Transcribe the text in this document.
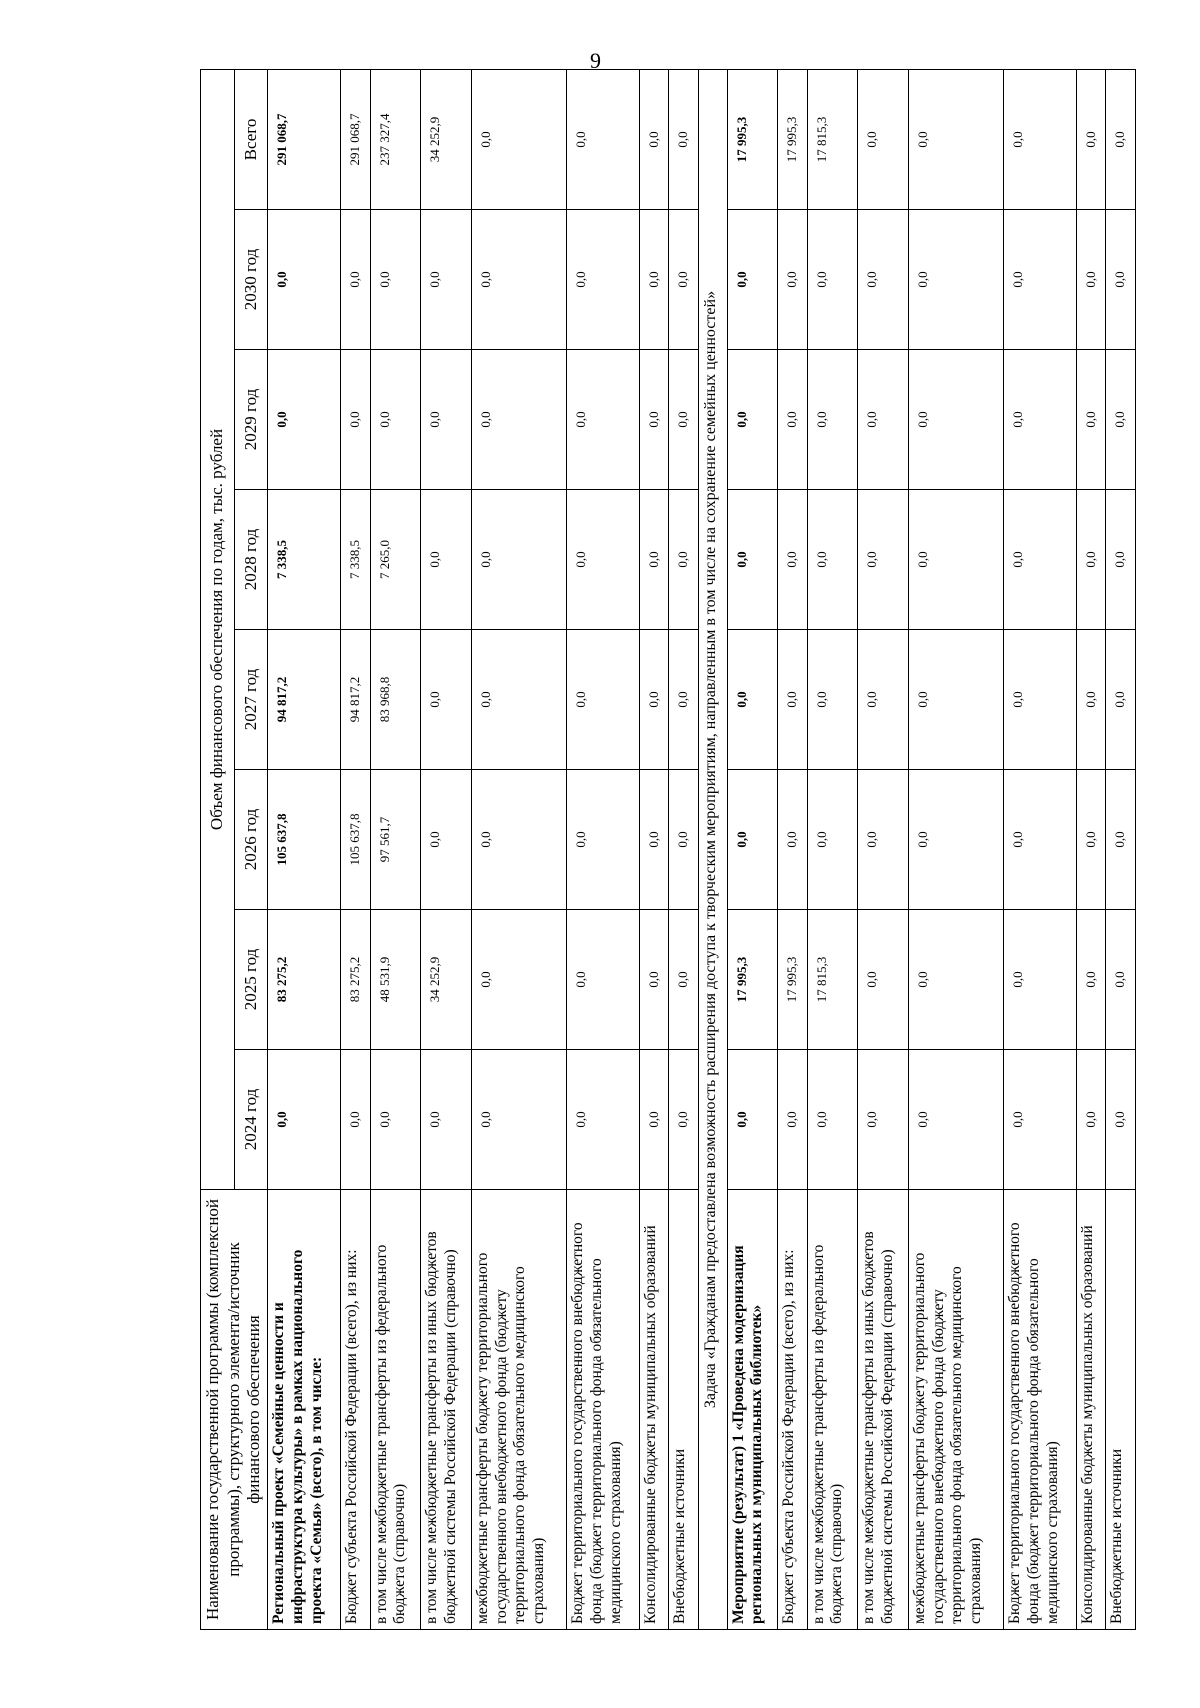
9
Наименование государственной программы (комплексной программы), структурного элемента/источник финансового обеспечения	Объем финансового обеспечения по годам, тыс. рублей							
	2024 год	2025 год	2026 год	2027 год	2028 год	2029 год	2030 год	Всего
Региональный проект «Семейные ценности и инфраструктура культуры» в рамках национального проекта «Семья» (всего), в том числе:	0,0	83 275,2	105 637,8	94 817,2	7 338,5	0,0	0,0	291 068,7
Бюджет субъекта Российской Федерации (всего), из них:	0,0	83 275,2	105 637,8	94 817,2	7 338,5	0,0	0,0	291 068,7
в том числе межбюджетные трансферты из федерального бюджета (справочно)	0,0	48 531,9	97 561,7	83 968,8	7 265,0	0,0	0,0	237 327,4
в том числе межбюджетные трансферты из иных бюджетов бюджетной системы Российской Федерации (справочно)	0,0	34 252,9	0,0	0,0	0,0	0,0	0,0	34 252,9
межбюджетные трансферты бюджету территориального государственного внебюджетного фонда (бюджету территориального фонда обязательного медицинского страхования)	0,0	0,0	0,0	0,0	0,0	0,0	0,0	0,0
Бюджет территориального государственного внебюджетного фонда (бюджет территориального фонда обязательного медицинского страхования)	0,0	0,0	0,0	0,0	0,0	0,0	0,0	0,0
Консолидированные бюджеты муниципальных образований	0,0	0,0	0,0	0,0	0,0	0,0	0,0	0,0
Внебюджетные источники	0,0	0,0	0,0	0,0	0,0	0,0	0,0	0,0
Задача «Гражданам предоставлена возможность расширения доступа к творческим мероприятиям, направленным в том числе на сохранение семейных ценностей»								
Мероприятие (результат) 1 «Проведена модернизация региональных и муниципальных библиотек»	0,0	17 995,3	0,0	0,0	0,0	0,0	0,0	17 995,3
Бюджет субъекта Российской Федерации (всего), из них:	0,0	17 995,3	0,0	0,0	0,0	0,0	0,0	17 995,3
в том числе межбюджетные трансферты из федерального бюджета (справочно)	0,0	17 815,3	0,0	0,0	0,0	0,0	0,0	17 815,3
в том числе межбюджетные трансферты из иных бюджетов бюджетной системы Российской Федерации (справочно)	0,0	0,0	0,0	0,0	0,0	0,0	0,0	0,0
межбюджетные трансферты бюджету территориального государственного внебюджетного фонда (бюджету территориального фонда обязательного медицинского страхования)	0,0	0,0	0,0	0,0	0,0	0,0	0,0	0,0
Бюджет территориального государственного внебюджетного фонда (бюджет территориального фонда обязательного медицинского страхования)	0,0	0,0	0,0	0,0	0,0	0,0	0,0	0,0
Консолидированные бюджеты муниципальных образований	0,0	0,0	0,0	0,0	0,0	0,0	0,0	0,0
Внебюджетные источники	0,0	0,0	0,0	0,0	0,0	0,0	0,0	0,0
